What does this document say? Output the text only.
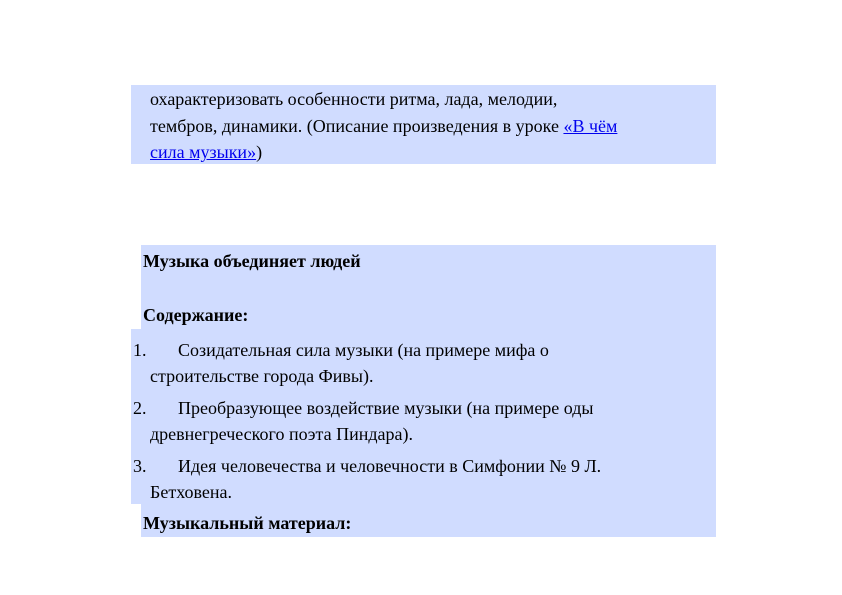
охарактеризовать особенности ритма, лада, мелодии,
тембров, динамики. (Описание произведения в уроке «В чём
сила музыки»)
Музыка объединяет людей
Содержание:
1. Созидательная сила музыки (на примере мифа о
строительстве города Фивы).
2. Преобразующее воздействие музыки (на примере оды
древнегреческого поэта Пиндара).
3. Идея человечества и человечности в Симфонии № 9 Л.
Бетховена.
Музыкальный материал:
